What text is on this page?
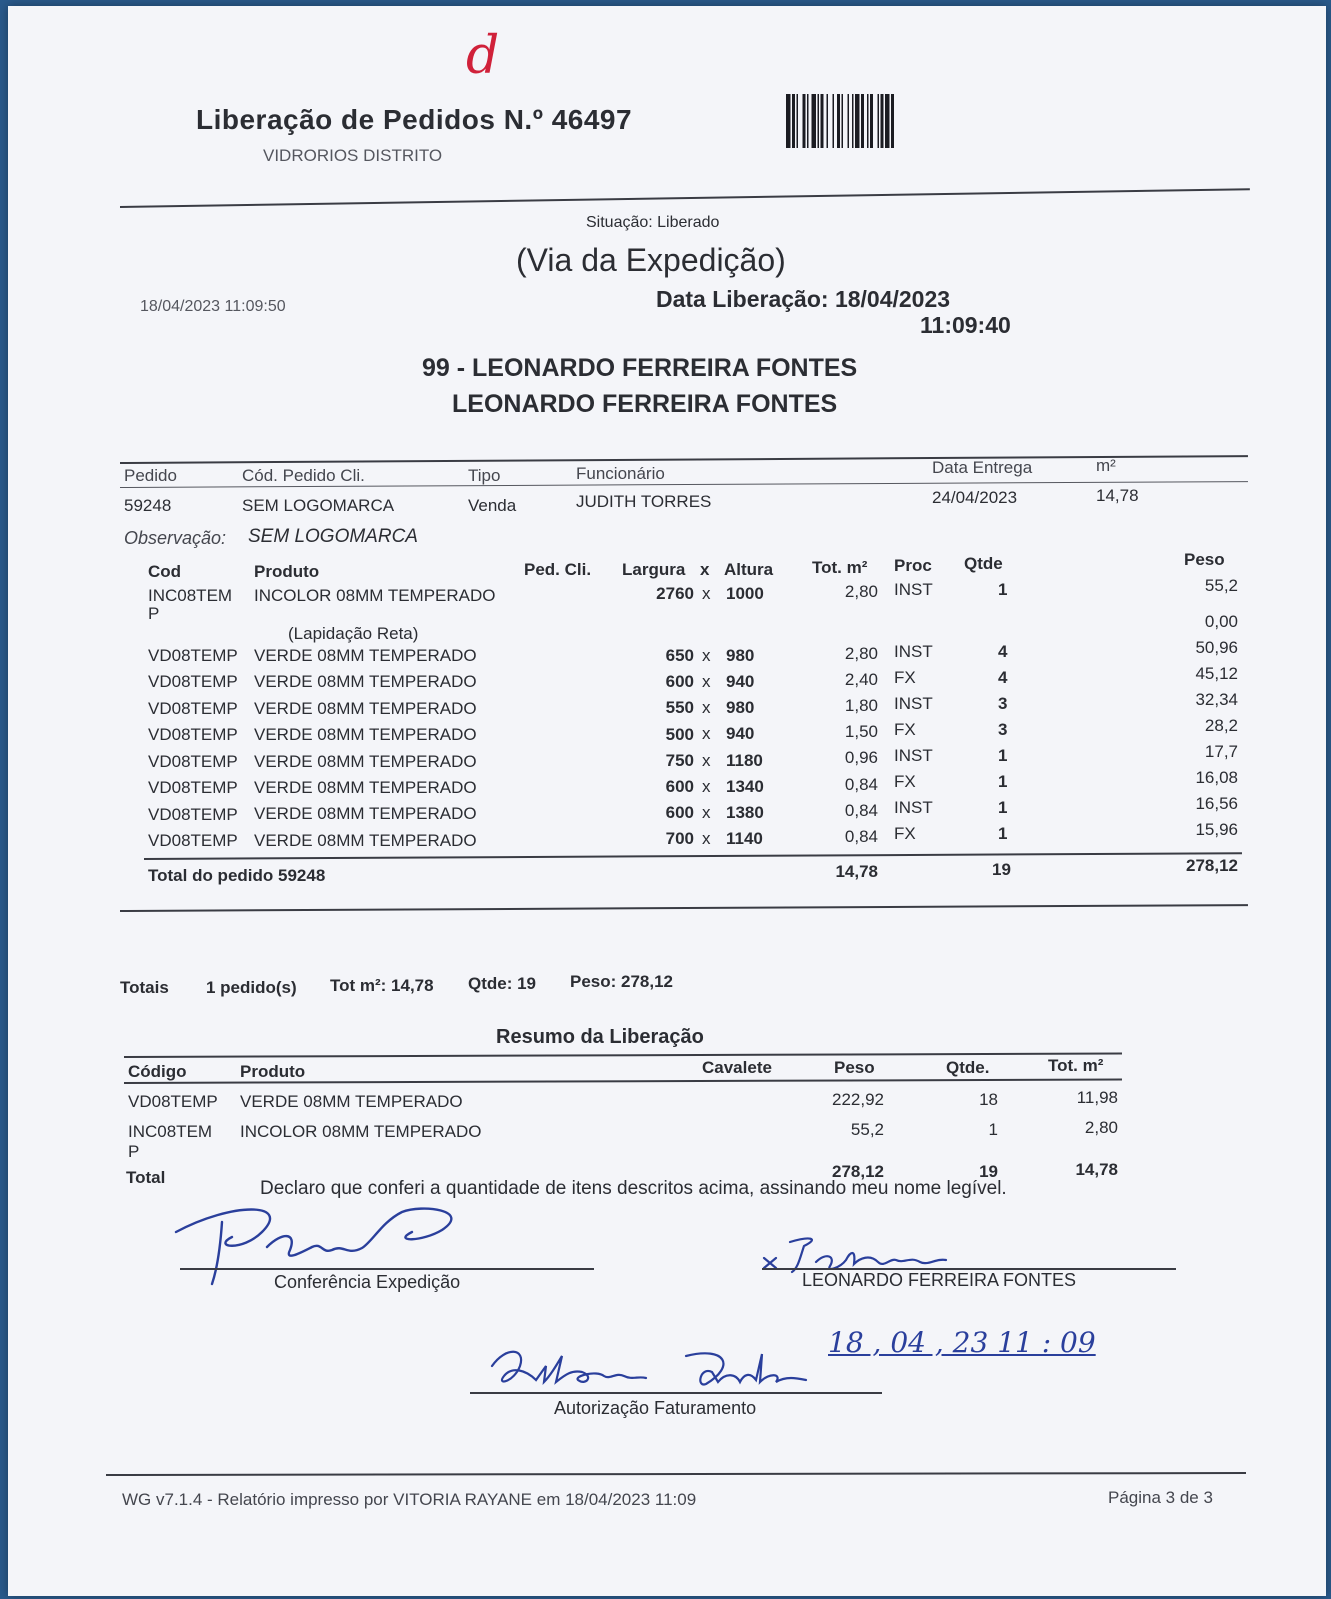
d
Liberação de Pedidos N.º 46497
VIDRORIOS DISTRITO
Situação: Liberado
(Via da Expedição)
18/04/2023 11:09:50	Data Liberação: 18/04/2023
11:09:40
99 - LEONARDO FERREIRA FONTES
LEONARDO FERREIRA FONTES
Pedido	Cód. Pedido Cli.	Tipo	Funcionário	Data Entrega	m²
59248	SEM LOGOMARCA	Venda	JUDITH TORRES	24/04/2023	14,78
Observação: SEM LOGOMARCA
Cod	Produto	Ped. Cli. Largura x Altura Tot. m² Proc Qtde	Peso
INC08TEM
P
INCOLOR 08MM TEMPERADO	2760 x 1000	2,80 INST	1	55,2
(Lapidação Reta)
0,00
VD08TEMP VERDE 08MM TEMPERADO	650 x 980	2,80 INST	4	50,96
VD08TEMP VERDE 08MM TEMPERADO	600 x 940	2,40 FX	4	45,12
VD08TEMP VERDE 08MM TEMPERADO	550 x 980	1,80 INST	3	32,34
VD08TEMP VERDE 08MM TEMPERADO	500 x 940	1,50 FX	3	28,2
VD08TEMP VERDE 08MM TEMPERADO	750 x 1180	0,96 INST	1	17,7
VD08TEMP VERDE 08MM TEMPERADO	600 x 1340	0,84 FX	1	16,08
VD08TEMP VERDE 08MM TEMPERADO	600 x 1380	0,84 INST	1	16,56
VD08TEMP VERDE 08MM TEMPERADO	700 x 1140	0,84 FX	1	15,96
Total do pedido 59248	14,78	19	278,12
Totais 1 pedido(s) Tot m²: 14,78 Qtde: 19 Peso: 278,12
Resumo da Liberação
Código	Produto	Cavalete	Peso	Qtde.	Tot. m²
VD08TEMP VERDE 08MM TEMPERADO	222,92	18	11,98
INC08TEM
P
INCOLOR 08MM TEMPERADO	55,2	1	2,80
Total	278,12	19	14,78
Declaro que conferi a quantidade de itens descritos acima, assinando meu nome legível.
Conferência Expedição	LEONARDO FERREIRA FONTES
18 , 04 , 23 11 : 09
Autorização Faturamento
WG v7.1.4 - Relatório impresso por VITORIA RAYANE em 18/04/2023 11:09	Página 3 de 3
